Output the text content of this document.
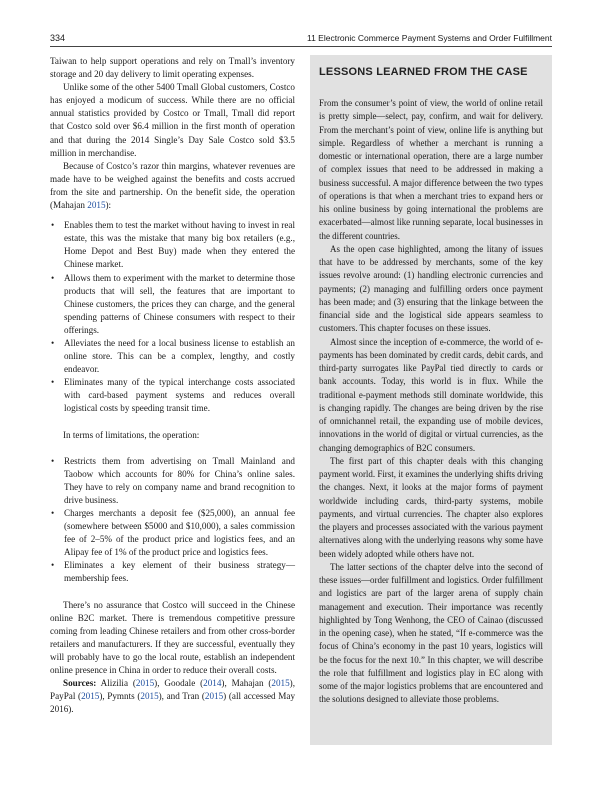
334	11 Electronic Commerce Payment Systems and Order Fulfillment

Taiwan to help support operations and rely on Tmall’s inventory storage and 20 day delivery to limit operating expenses.

Unlike some of the other 5400 Tmall Global customers, Costco has enjoyed a modicum of success. While there are no official annual statistics provided by Costco or Tmall, Tmall did report that Costco sold over $6.4 million in the first month of operation and that during the 2014 Single’s Day Sale Costco sold $3.5 million in merchandise.

Because of Costco’s razor thin margins, whatever revenues are made have to be weighed against the benefits and costs accrued from the site and partnership. On the benefit side, the operation (Mahajan 2015):

• Enables them to test the market without having to invest in real estate, this was the mistake that many big box retailers (e.g., Home Depot and Best Buy) made when they entered the Chinese market.
• Allows them to experiment with the market to determine those products that will sell, the features that are important to Chinese customers, the prices they can charge, and the general spending patterns of Chinese consumers with respect to their offerings.
• Alleviates the need for a local business license to establish an online store. This can be a complex, lengthy, and costly endeavor.
• Eliminates many of the typical interchange costs associated with card-based payment systems and reduces overall logistical costs by speeding transit time.

In terms of limitations, the operation:

• Restricts them from advertising on Tmall Mainland and Taobow which accounts for 80% for China’s online sales. They have to rely on company name and brand recognition to drive business.
• Charges merchants a deposit fee ($25,000), an annual fee (somewhere between $5000 and $10,000), a sales commission fee of 2–5% of the product price and logistics fees, and an Alipay fee of 1% of the product price and logistics fees.
• Eliminates a key element of their business strategy—membership fees.

There’s no assurance that Costco will succeed in the Chinese online B2C market. There is tremendous competitive pressure coming from leading Chinese retailers and from other cross-border retailers and manufacturers. If they are successful, eventually they will probably have to go the local route, establish an independent online presence in China in order to reduce their overall costs.

Sources: Alizilia (2015), Goodale (2014), Mahajan (2015), PayPal (2015), Pymnts (2015), and Tran (2015) (all accessed May 2016).

LESSONS LEARNED FROM THE CASE

From the consumer’s point of view, the world of online retail is pretty simple—select, pay, confirm, and wait for delivery. From the merchant’s point of view, online life is anything but simple. Regardless of whether a merchant is running a domestic or international operation, there are a large number of complex issues that need to be addressed in making a business successful. A major difference between the two types of operations is that when a merchant tries to expand hers or his online business by going international the problems are exacerbated—almost like running separate, local businesses in the different countries.

As the open case highlighted, among the litany of issues that have to be addressed by merchants, some of the key issues revolve around: (1) handling electronic currencies and payments; (2) managing and fulfilling orders once payment has been made; and (3) ensuring that the linkage between the financial side and the logistical side appears seamless to customers. This chapter focuses on these issues.

Almost since the inception of e-commerce, the world of e-payments has been dominated by credit cards, debit cards, and third-party surrogates like PayPal tied directly to cards or bank accounts. Today, this world is in flux. While the traditional e-payment methods still dominate worldwide, this is changing rapidly. The changes are being driven by the rise of omnichannel retail, the expanding use of mobile devices, innovations in the world of digital or virtual currencies, as the changing demographics of B2C consumers.

The first part of this chapter deals with this changing payment world. First, it examines the underlying shifts driving the changes. Next, it looks at the major forms of payment worldwide including cards, third-party systems, mobile payments, and virtual currencies. The chapter also explores the players and processes associated with the various payment alternatives along with the underlying reasons why some have been widely adopted while others have not.

The latter sections of the chapter delve into the second of these issues—order fulfillment and logistics. Order fulfillment and logistics are part of the larger arena of supply chain management and execution. Their importance was recently highlighted by Tong Wenhong, the CEO of Cainao (discussed in the opening case), when he stated, “If e-commerce was the focus of China’s economy in the past 10 years, logistics will be the focus for the next 10.” In this chapter, we will describe the role that fulfillment and logistics play in EC along with some of the major logistics problems that are encountered and the solutions designed to alleviate those problems.
